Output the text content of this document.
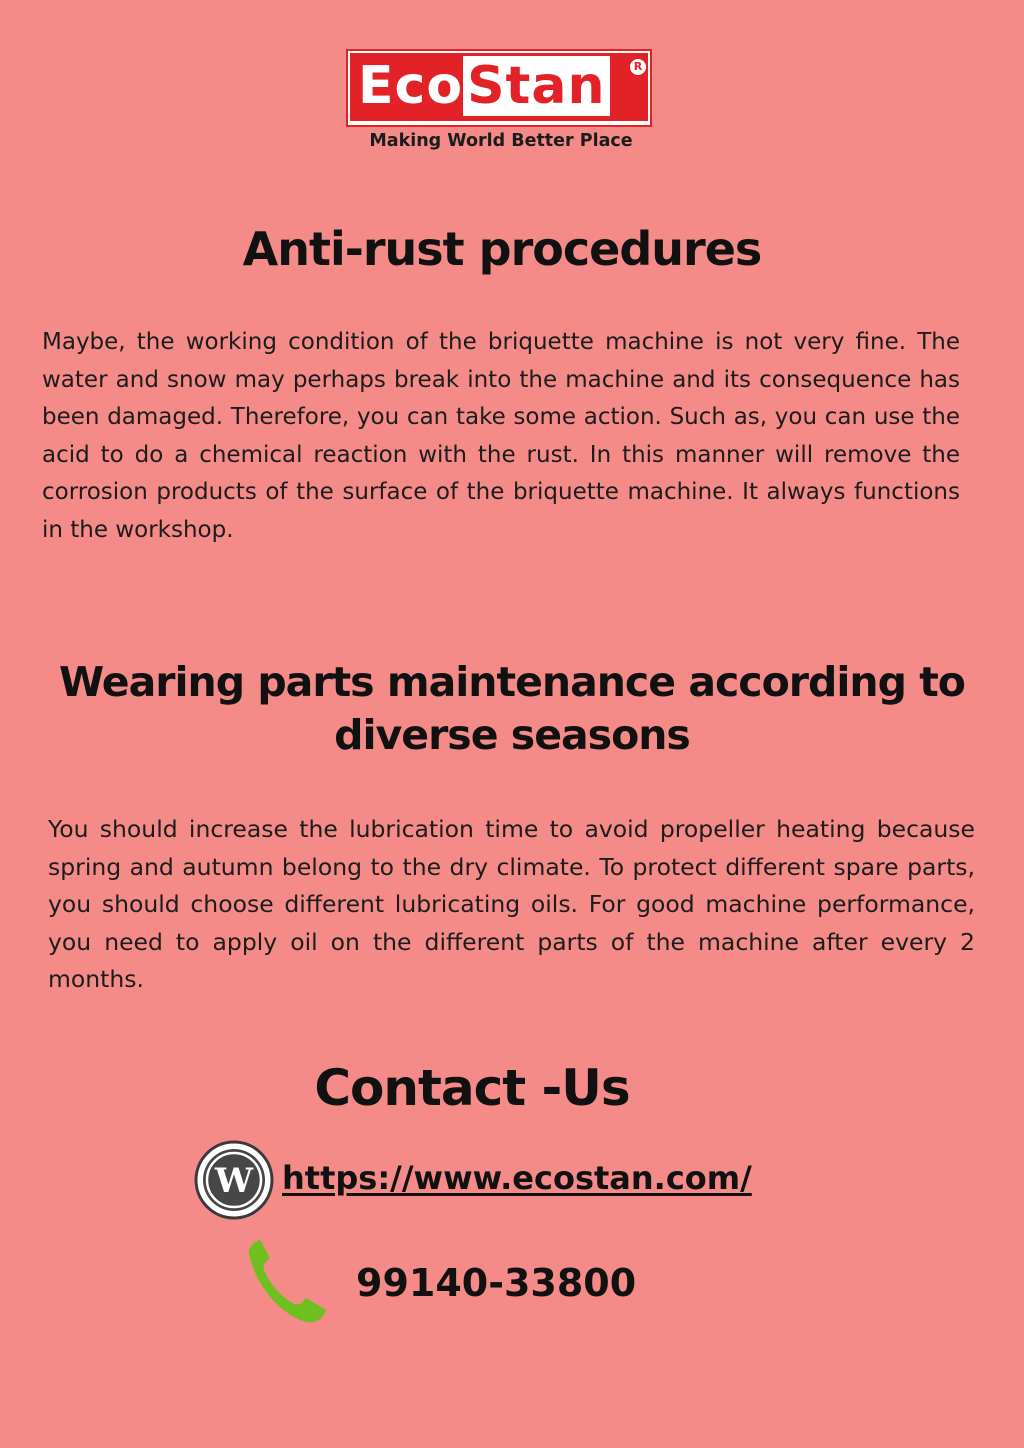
EcoStan	R
Making World Better Place
Anti-rust procedures

Maybe, the working condition of the briquette machine is not very fine. The water and snow may perhaps break into the machine and its consequence has been damaged. Therefore, you can take some action. Such as, you can use the acid to do a chemical reaction with the rust. In this manner will remove the corrosion products of the surface of the briquette machine. It always functions in the workshop.

Wearing parts maintenance according to diverse seasons

You should increase the lubrication time to avoid propeller heating because spring and autumn belong to the dry climate. To protect different spare parts, you should choose different lubricating oils. For good machine performance, you need to apply oil on the different parts of the machine after every 2 months.

Contact -Us
W https://www.ecostan.com/
99140-33800
